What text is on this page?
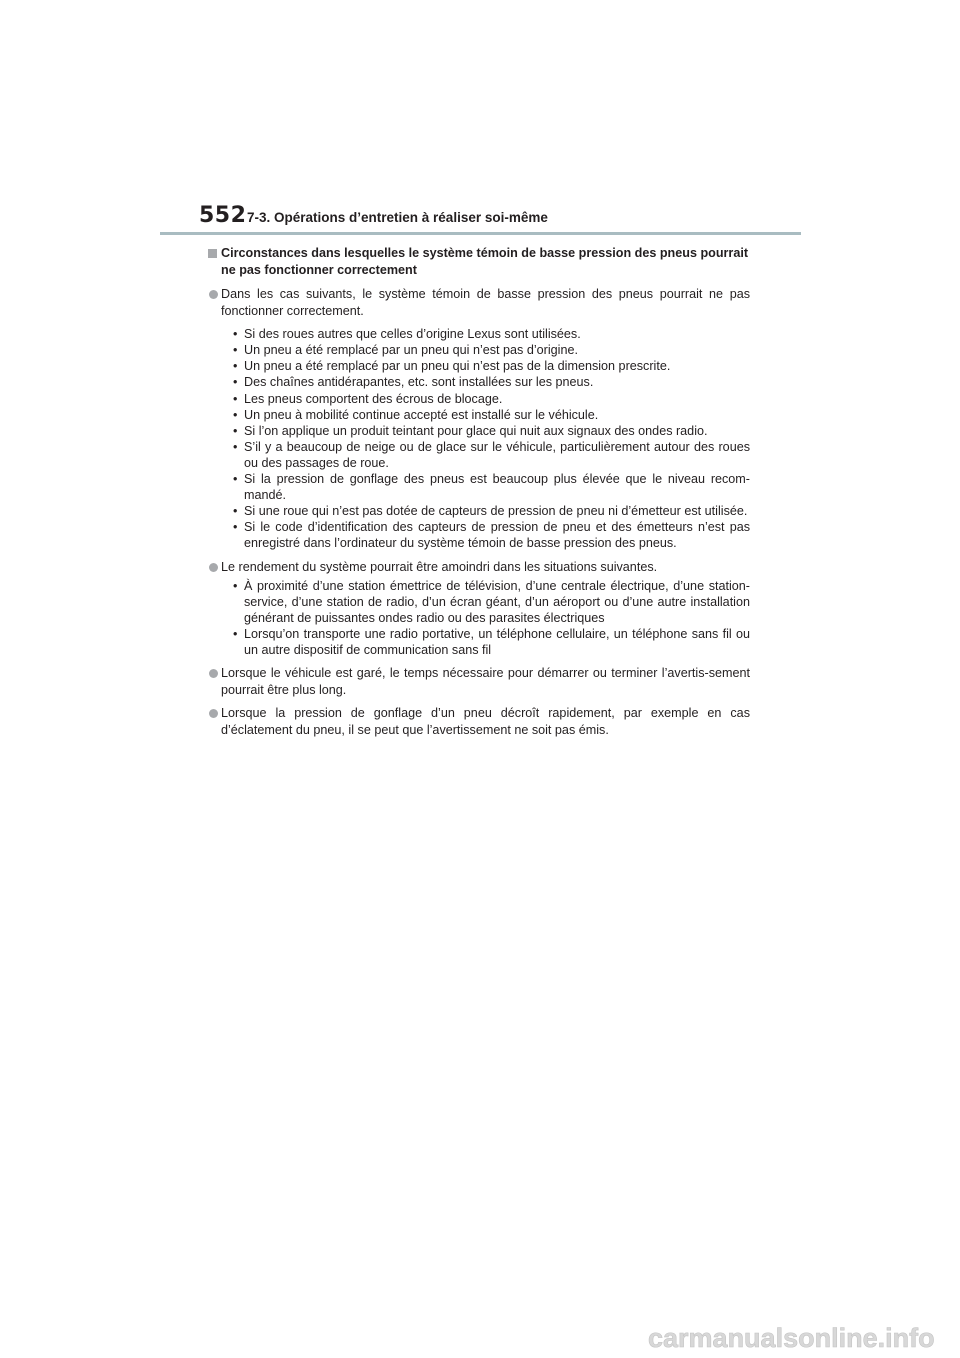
552 7-3. Opérations d’entretien à réaliser soi-même
Circonstances dans lesquelles le système témoin de basse pression des pneus pourrait ne pas fonctionner correctement
Dans les cas suivants, le système témoin de basse pression des pneus pourrait ne pas fonctionner correctement.
• Si des roues autres que celles d’origine Lexus sont utilisées.
• Un pneu a été remplacé par un pneu qui n’est pas d’origine.
• Un pneu a été remplacé par un pneu qui n’est pas de la dimension prescrite.
• Des chaînes antidérapantes, etc. sont installées sur les pneus.
• Les pneus comportent des écrous de blocage.
• Un pneu à mobilité continue accepté est installé sur le véhicule.
• Si l’on applique un produit teintant pour glace qui nuit aux signaux des ondes radio.
• S’il y a beaucoup de neige ou de glace sur le véhicule, particulièrement autour des roues ou des passages de roue.
• Si la pression de gonflage des pneus est beaucoup plus élevée que le niveau recom-mandé.
• Si une roue qui n’est pas dotée de capteurs de pression de pneu ni d’émetteur est utilisée.
• Si le code d’identification des capteurs de pression de pneu et des émetteurs n’est pas enregistré dans l’ordinateur du système témoin de basse pression des pneus.
Le rendement du système pourrait être amoindri dans les situations suivantes.
• À proximité d’une station émettrice de télévision, d’une centrale électrique, d’une station-service, d’une station de radio, d’un écran géant, d’un aéroport ou d’une autre installation générant de puissantes ondes radio ou des parasites électriques
• Lorsqu’on transporte une radio portative, un téléphone cellulaire, un téléphone sans fil ou un autre dispositif de communication sans fil
Lorsque le véhicule est garé, le temps nécessaire pour démarrer ou terminer l’avertis-sement pourrait être plus long.
Lorsque la pression de gonflage d’un pneu décroît rapidement, par exemple en cas d’éclatement du pneu, il se peut que l’avertissement ne soit pas émis.
carmanualsonline.info
